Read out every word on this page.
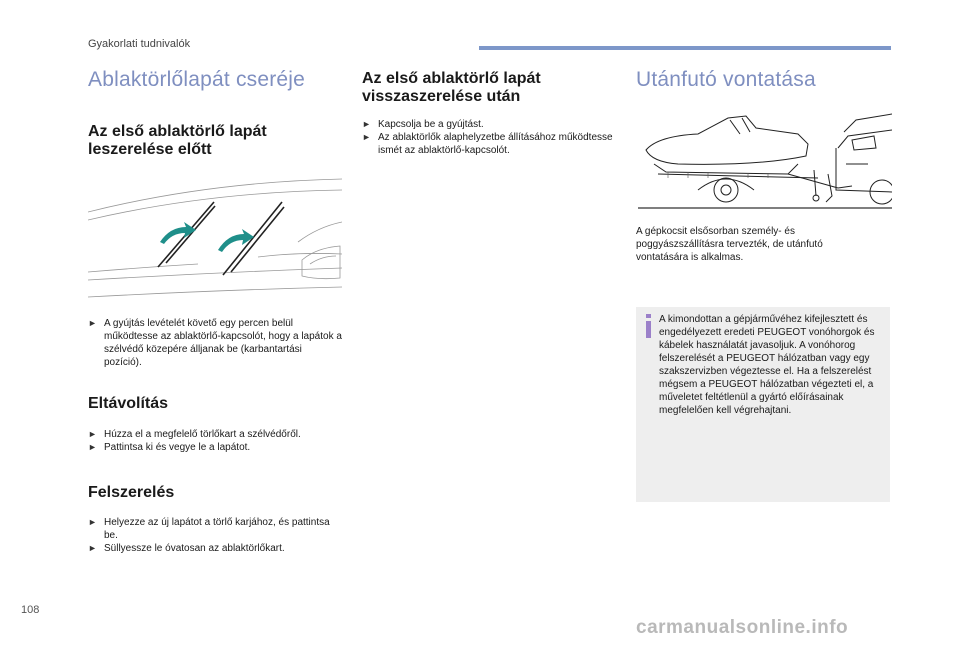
Gyakorlati tudnivalók
Ablaktörlőlapát cseréje
Az első ablaktörlő lapát leszerelése előtt
► A gyújtás levételét követő egy percen belül működtesse az ablaktörlő-kapcsolót, hogy a lapátok a szélvédő közepére álljanak be (karbantartási pozíció).
Eltávolítás
► Húzza el a megfelelő törlőkart a szélvédőről.
► Pattintsa ki és vegye le a lapátot.
Felszerelés
► Helyezze az új lapátot a törlő karjához, és pattintsa be.
► Süllyessze le óvatosan az ablaktörlőkart.
Az első ablaktörlő lapát visszaszerelése után
► Kapcsolja be a gyújtást.
► Az ablaktörlők alaphelyzetbe állításához működtesse ismét az ablaktörlő-kapcsolót.
Utánfutó vontatása
A gépkocsit elsősorban személy- és poggyászszállításra tervezték, de utánfutó vontatására is alkalmas.
A kimondottan a gépjárművéhez kifejlesztett és engedélyezett eredeti PEUGEOT vonóhorgok és kábelek használatát javasoljuk. A vonóhorog felszerelését a PEUGEOT hálózatban vagy egy szakszervizben végeztesse el. Ha a felszerelést mégsem a PEUGEOT hálózatban végezteti el, a műveletet feltétlenül a gyártó előírásainak megfelelően kell végrehajtani.
108
carmanualsonline.info
